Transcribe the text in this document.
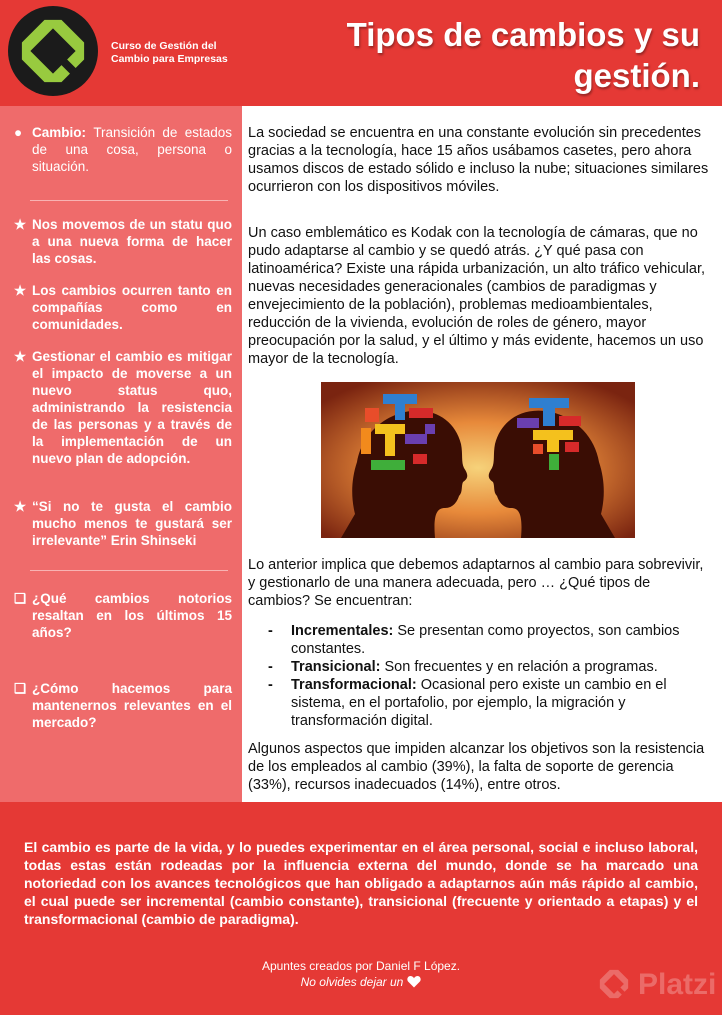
Curso de Gestión del Cambio para Empresas
Tipos de cambios y su gestión.
● Cambio: Transición de estados de una cosa, persona o situación.
★ Nos movemos de un statu quo a una nueva forma de hacer las cosas.
★ Los cambios ocurren tanto en compañías como en comunidades.
★ Gestionar el cambio es mitigar el impacto de moverse a un nuevo status quo, administrando la resistencia de las personas y a través de la implementación de un nuevo plan de adopción.
★ “Si no te gusta el cambio mucho menos te gustará ser irrelevante” Erin Shinseki
❑ ¿Qué cambios notorios resaltan en los últimos 15 años?
❑ ¿Cómo hacemos para mantenernos relevantes en el mercado?

La sociedad se encuentra en una constante evolución sin precedentes gracias a la tecnología, hace 15 años usábamos casetes, pero ahora usamos discos de estado sólido e incluso la nube; situaciones similares ocurrieron con los dispositivos móviles.

Un caso emblemático es Kodak con la tecnología de cámaras, que no pudo adaptarse al cambio y se quedó atrás. ¿Y qué pasa con latinoamérica? Existe una rápida urbanización, un alto tráfico vehicular, nuevas necesidades generacionales (cambios de paradigmas y envejecimiento de la población), problemas medioambientales, reducción de la vivienda, evolución de roles de género, mayor preocupación por la salud, y el último y más evidente, hacemos un uso mayor de la tecnología.

Lo anterior implica que debemos adaptarnos al cambio para sobrevivir, y gestionarlo de una manera adecuada, pero … ¿Qué tipos de cambios? Se encuentran:

- Incrementales: Se presentan como proyectos, son cambios constantes.
- Transicional: Son frecuentes y en relación a programas.
- Transformacional: Ocasional pero existe un cambio en el sistema, en el portafolio, por ejemplo, la migración y transformación digital.

Algunos aspectos que impiden alcanzar los objetivos son la resistencia de los empleados al cambio (39%), la falta de soporte de gerencia (33%), recursos inadecuados (14%), entre otros.

El cambio es parte de la vida, y lo puedes experimentar en el área personal, social e incluso laboral, todas estas están rodeadas por la influencia externa del mundo, donde se ha marcado una notoriedad con los avances tecnológicos que han obligado a adaptarnos aún más rápido al cambio, el cual puede ser incremental (cambio constante), transicional (frecuente y orientado a etapas) y el transformacional (cambio de paradigma).
Apuntes creados por Daniel F López.
No olvides dejar un	Platzi
